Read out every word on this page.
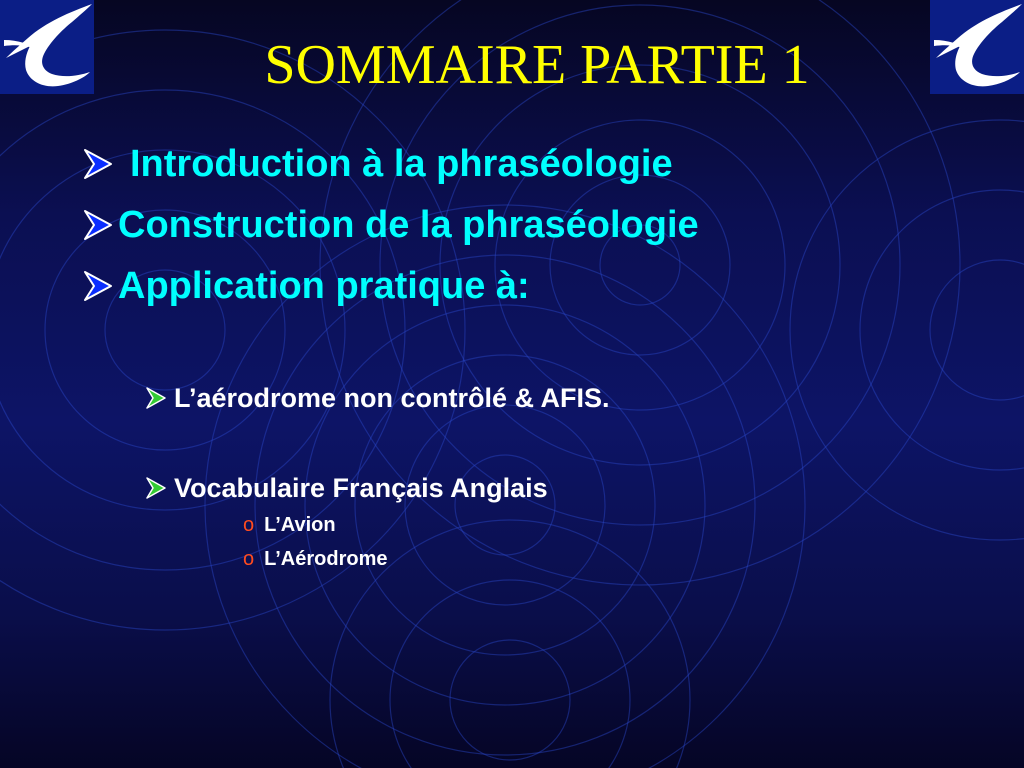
SOMMAIRE PARTIE 1
Introduction à la phraséologie
Construction de la phraséologie
Application pratique à:
L’aérodrome non contrôlé & AFIS.
Vocabulaire Français Anglais
o L’Avion
o L’Aérodrome
